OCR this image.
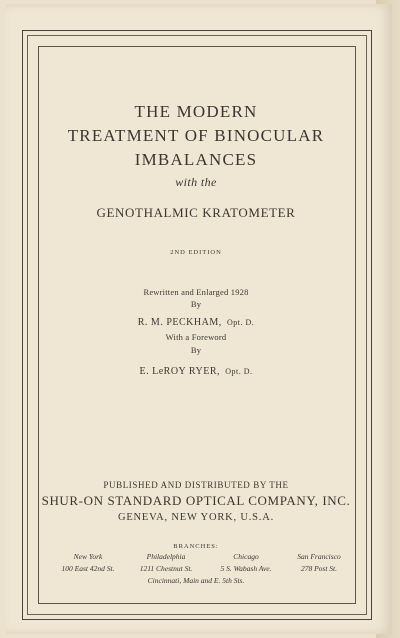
THE MODERN
TREATMENT OF BINOCULAR
IMBALANCES
with the
GENOTHALMIC KRATOMETER
2ND EDITION
Rewritten and Enlarged 1928
By
R. M. PECKHAM, Opt. D.
With a Foreword
By
E. LeROY RYER, Opt. D.
PUBLISHED AND DISTRIBUTED BY THE
SHUR-ON STANDARD OPTICAL COMPANY, INC.
GENEVA, NEW YORK, U.S.A.
BRANCHES:
New York
100 East 42nd St.
Philadelphia
1211 Chestnut St.
Chicago
5 S. Wabash Ave.
San Francisco
278 Post St.
Cincinnati, Main and E. 5th Sts.
